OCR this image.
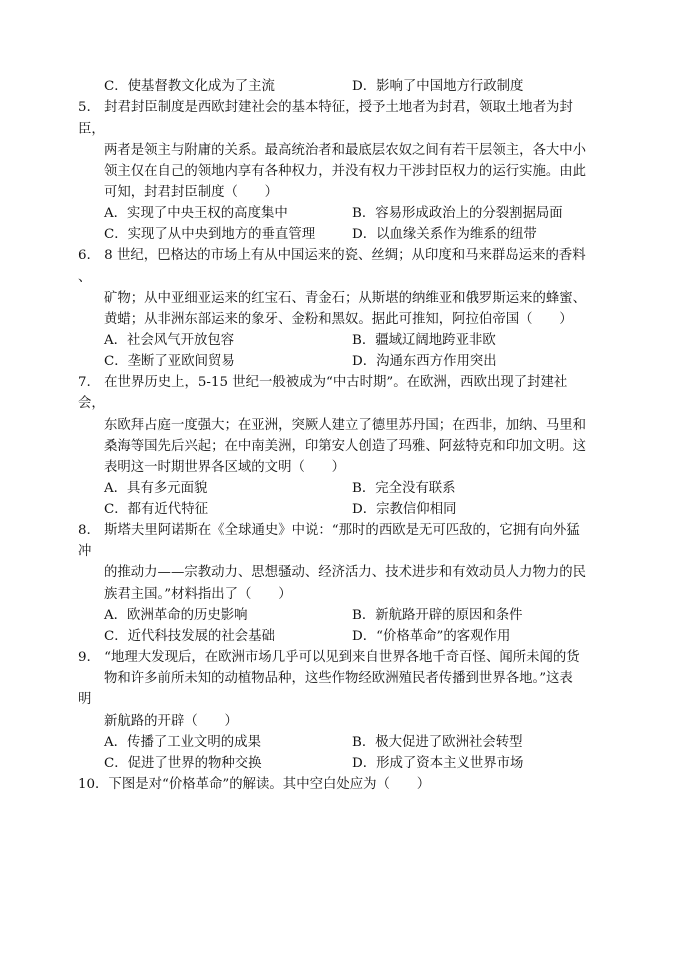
C．使基督教文化成为了主流	D．影响了中国地方行政制度
5.　封君封臣制度是西欧封建社会的基本特征，授予土地者为封君，领取土地者为封
臣，
两者是领主与附庸的关系。最高统治者和最底层农奴之间有若干层领主，各大中小
领主仅在自己的领地内享有各种权力，并没有权力干涉封臣权力的运行实施。由此
可知，封君封臣制度（　　）
A．实现了中央王权的高度集中	B．容易形成政治上的分裂割据局面
C．实现了从中央到地方的垂直管理	D．以血缘关系作为维系的纽带
6.　8 世纪，巴格达的市场上有从中国运来的瓷、丝绸；从印度和马来群岛运来的香料
、
矿物；从中亚细亚运来的红宝石、青金石；从斯堪的纳维亚和俄罗斯运来的蜂蜜、
黄蜡；从非洲东部运来的象牙、金粉和黑奴。据此可推知，阿拉伯帝国（　　）
A．社会风气开放包容	B．疆域辽阔地跨亚非欧
C．垄断了亚欧间贸易	D．沟通东西方作用突出
7.　在世界历史上，5-15 世纪一般被成为“中古时期”。在欧洲，西欧出现了封建社
会，
东欧拜占庭一度强大；在亚洲，突厥人建立了德里苏丹国；在西非，加纳、马里和
桑海等国先后兴起；在中南美洲，印第安人创造了玛雅、阿兹特克和印加文明。这
表明这一时期世界各区域的文明（　　）
A．具有多元面貌	B．完全没有联系
C．都有近代特征	D．宗教信仰相同
8.　斯塔夫里阿诺斯在《全球通史》中说：“那时的西欧是无可匹敌的，它拥有向外猛
冲
的推动力——宗教动力、思想骚动、经济活力、技术进步和有效动员人力物力的民
族君主国。”材料指出了（　　）
A．欧洲革命的历史影响	B．新航路开辟的原因和条件
C．近代科技发展的社会基础	D．“价格革命”的客观作用
9.　“地理大发现后，在欧洲市场几乎可以见到来自世界各地千奇百怪、闻所未闻的货
物和许多前所未知的动植物品种，这些作物经欧洲殖民者传播到世界各地。”这表
明
新航路的开辟（　　）
A．传播了工业文明的成果	B．极大促进了欧洲社会转型
C．促进了世界的物种交换	D．形成了资本主义世界市场
10．下图是对“价格革命”的解读。其中空白处应为（　　）
